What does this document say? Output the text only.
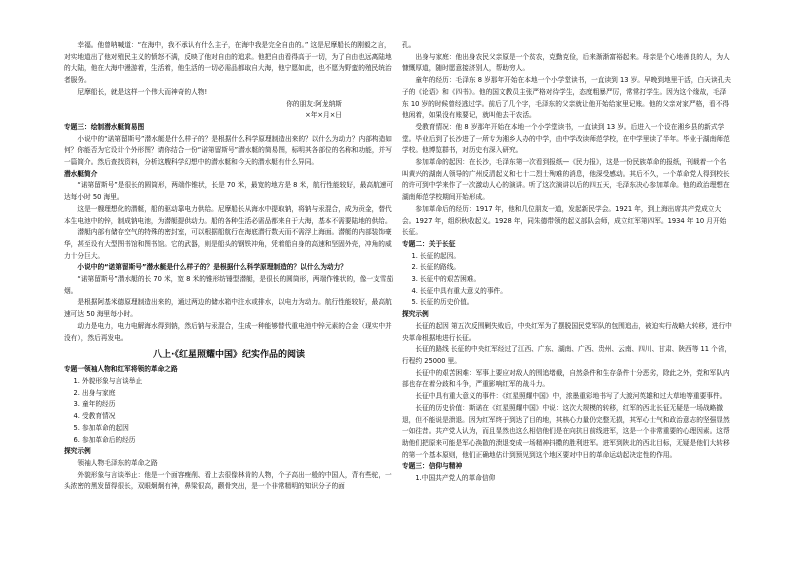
幸福。他曾呐喊道：“在海中，我不承认有什么主子，在海中我是完全自由的。” 这是尼摩船长的刚毅之言，对实地道出了他对殖民主义的愤怒不满，反映了他对自由的追求。他把自由看得高于一切，为了自由也远离陆地的大陆，他在大海中漫游着，生活着，他生活的一切必需品都取自大海，他宁愿如此，也不愿为野蛮的殖民统治者服务。

尼摩船长，就是这样一个伟大而神奇的人物!

你的朋友:阿龙纳斯

×年×月×日

专题三：绘制潜水艇简易图

小说中的“诺第留斯号”潜水艇是什么样子的？是根据什么科学原理制造出来的？以什么为动力？内部构造如何？你能否为它设计个外形图？请你结合一份“诺第留斯号”潜水艇的简易图，标明其各部位的名称和功能，并写一篇简介。然后查找资料，分析这艘科学幻想中的潜水艇和今天的潜水艇有什么异同。

潜水艇简介

“诺第留斯号”是很长的圆筒形，两端作锥状，长是 70 米，最宽的地方是 8 米，航行性能较好，最高航速可达每小时 50 海里。

这是一艘理想化的潜艇，船的驱动靠电力供给。尼摩船长从海水中提取钠，将钠与汞混合，成为贡金，替代本生电池中的锌，制成钠电池，为潜艇提供动力。船的各种生活必需品都来自于大海，基本不需要陆地的供给。

潜艇内部有储存空气的特殊的密封室，可以根据船航行在海底潜行数天而不需浮上海面。潜艇的内部装饰豪华，甚至设有大型图书馆和图书馆。它的武器，则是船头的钢铁冲角，凭着船自身的高速和坚固外壳，冲角的威力十分巨大。

小说中的“诺第留斯号”潜水艇是什么样子的？是根据什么科学原理制造的？以什么为动力？

“诺第留斯号”潜水艇的长 70 米，宽 8 米的锥形纺锤型潜艇，是很长的圆筒形，两端作锥状的，像一支雪茄烟。

是根据阿基米德原理制造出来的，通过两边的储水箱中注水或排水，以电力为动力。航行性能较好，最高航速可达 50 海里每小时。

动力是电力，电力电解海水得到钠，然后钠与汞混合，生成一种能够替代重电池中锌元素的合金（现实中并没有），然后再发电。

八上·《红星照耀中国》纪实作品的阅读

专题一领袖人物和红军将领的革命之路

1. 外貌形象与言谈举止
2. 出身与家庭
3. 童年的经历
4. 受教育情况
5. 参加革命的起因
6. 参加革命后的经历

探究示例

领袖人物毛泽东的革命之路

外貌形象与言谈举止：他是一个面容瘦削、看上去很像林肯的人物，个子高出一般的中国人，背有些驼，一头浓密的黑发留得很长，双眼炯炯有神，鼻梁很高，颧骨突出，是一个非常精明的知识分子的面

孔。

出身与家庭：他出身农民父亲原是一个贫农，克勤克俭，后来渐渐富裕起来。母亲是个心地善良的人，为人慷慨厚道，随时愿意接济别人，帮助穷人。

童年的经历：毛泽东 8 岁那年开始在本地一个小学堂读书，一直读到 13 岁。早晚到地里干活，白天读孔夫子的《论语》和《四书》。他的国文教员主张严格对待学生，态度粗暴严厉，常常打学生。因为这个缘故，毛泽东 10 岁的时候曾经逃过学。前后了几个字，毛泽东的父亲就让他开始给家里记账。他的父亲对家严格，看不得他闲着，如果没有账要记，就叫他去干农活。

受教育情况：他 8 岁那年开始在本地一个小学堂读书，一直读到 13 岁。后进入一个设在湘乡县的新式学堂。毕业后到了长沙进了一所专为湘乡人办的中学，由中学改读师范学校，在中学里读了半年。毕业于湖南师范学校。他博览群书，对历史有深入研究。

参加革命的起因：在长沙，毛泽东第一次看到报纸—《民力报》，这是一份民族革命的报纸，刊载着一个名叫黄兴的湖南人领导的广州反清起义和七十二烈士殉难的消息，他深受感动。其后不久，一个革命党人得到校长的许可到中学来作了一次激动人心的演讲。听了这次演讲以后的四五天，毛泽东决心参加革命。他的政治理想在湖南师范学校期间开始形成。

参加革命后的经历：1917 年，他和几位朋友一道，发起新民学会。1921 年，到上海出席共产党成立大会。1927 年，组织秋收起义。1928 年，同朱德带领的起义部队会师，成立红军第四军。1934 年 10 月开始长征。

专题二：关于长征

1. 长征的起因。
2. 长征的路线。
3. 长征中的艰苦困难。
4. 长征中具有重大意义的事件。
5. 长征的历史价值。

探究示例

长征的起因 第五次反围剿失败后，中央红军为了摆脱国民党军队的包围追击，被迫实行战略大转移，进行中央革命根据地进行长征。

长征的路线 长征的中央红军经过了江西、广东、湖南、广西、贵州、云南、四川、甘肃、陕西等 11 个省，行程约 25000 里。

长征中的艰苦困难：军事上要应对敌人的围追堵截，自然条件和生存条件十分恶劣，除此之外，党和军队内部也存在着分歧和斗争，严重影响红军的战斗力。

长征中具有重大意义的事件：《红星照耀中国》中，浓墨重彩地书写了大渡河英雄和过大草地等重要事件。

长征的历史价值：斯诺在《红星照耀中国》中说：这次大规模的转移，红军的西北长征无疑是一场战略撤退，但不能说是溃退。因为红军终于到达了目的地，其核心力量仍完整无损，其军心士气和政治意志的坚强显然一如往昔。共产党人认为，而且显然也这么相信他们是在向抗日前线进军，这是一个非常重要的心理因素。这帮助他们把原来可能是军心涣散的溃退变成一场精神抖擞的胜利进军。进军到陕北的西北目标，无疑是他们大转移的第一个基本原则，他们正确地估计到预见到这个地区要对中日的革命运动起决定性的作用。

专题三：信仰与精神

1.中国共产党人的革命信仰
